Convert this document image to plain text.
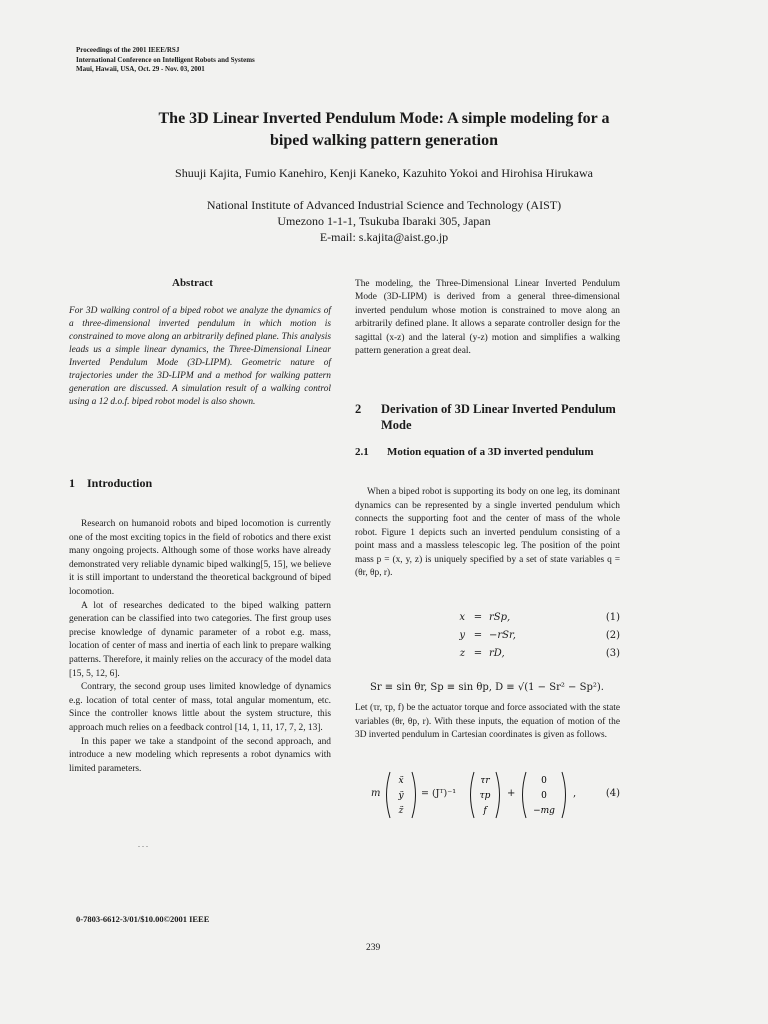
Proceedings of the 2001 IEEE/RSJ
International Conference on Intelligent Robots and Systems
Maui, Hawaii, USA, Oct. 29 - Nov. 03, 2001
The 3D Linear Inverted Pendulum Mode: A simple modeling for a
biped walking pattern generation
Shuuji Kajita, Fumio Kanehiro, Kenji Kaneko, Kazuhito Yokoi and Hirohisa Hirukawa
National Institute of Advanced Industrial Science and Technology (AIST)
Umezono 1-1-1, Tsukuba Ibaraki 305, Japan
E-mail: s.kajita@aist.go.jp
Abstract
For 3D walking control of a biped robot we analyze the dynamics of a three-dimensional inverted pendulum in which motion is constrained to move along an arbitrarily defined plane. This analysis leads us a simple linear dynamics, the Three-Dimensional Linear Inverted Pendulum Mode (3D-LIPM). Geometric nature of trajectories under the 3D-LIPM and a method for walking pattern generation are discussed. A simulation result of a walking control using a 12 d.o.f. biped robot model is also shown.
1 Introduction

Research on humanoid robots and biped locomotion is currently one of the most exciting topics in the field of robotics and there exist many ongoing projects. Although some of those works have already demonstrated very reliable dynamic biped walking[5, 15], we believe it is still important to understand the theoretical background of biped locomotion.

A lot of researches dedicated to the biped walking pattern generation can be classified into two categories. The first group uses precise knowledge of dynamic parameter of a robot e.g. mass, location of center of mass and inertia of each link to prepare walking patterns. Therefore, it mainly relies on the accuracy of the model data [15, 5, 12, 6].

Contrary, the second group uses limited knowledge of dynamics e.g. location of total center of mass, total angular momentum, etc. Since the controller knows little about the system structure, this approach much relies on a feedback control [14, 1, 11, 17, 7, 2, 13].

In this paper we take a standpoint of the second approach, and introduce a new modeling which represents a robot dynamics with limited parameters.

. . .
The modeling, the Three-Dimensional Linear Inverted Pendulum Mode (3D-LIPM) is derived from a general three-dimensional inverted pendulum whose motion is constrained to move along an arbitrarily defined plane. It allows a separate controller design for the sagittal (x-z) and the lateral (y-z) motion and simplifies a walking pattern generation a great deal.
2 Derivation of 3D Linear Inverted Pendulum Mode
2.1 Motion equation of a 3D inverted pendulum

When a biped robot is supporting its body on one leg, its dominant dynamics can be represented by a single inverted pendulum which connects the supporting foot and the center of mass of the whole robot. Figure 1 depicts such an inverted pendulum consisting of a point mass and a massless telescopic leg. The position of the point mass p = (x, y, z) is uniquely specified by a set of state variables q = (θr, θp, r).

x = rSp,	(1)
y = −rSr,	(2)
z = rD,	(3)
Sr ≡ sin θr, Sp ≡ sin θp, D ≡ √(1 − Sr² − Sp²).
Let (τr, τp, f) be the actuator torque and force associated with the state variables (θr, θp, r). With these inputs, the equation of motion of the 3D inverted pendulum in Cartesian coordinates is given as follows.
m
ẍ
ÿ
z̈
= (Jᵀ)⁻¹
τr
τp
f
+
0
0
−mg
,	(4)
0-7803-6612-3/01/$10.00©2001 IEEE
239
